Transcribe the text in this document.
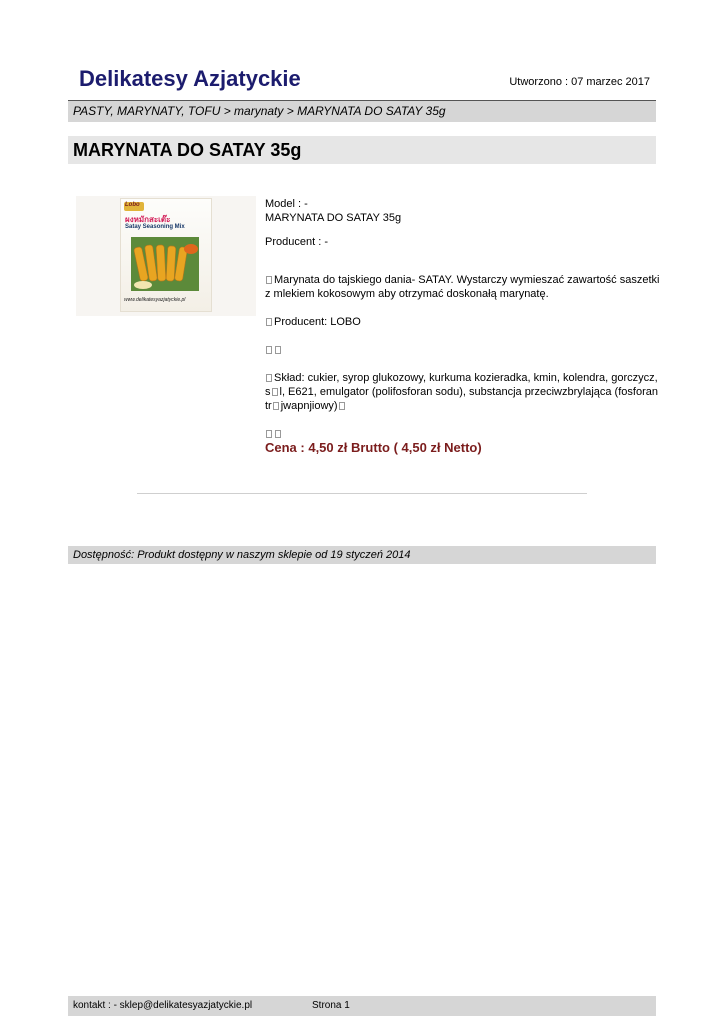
Delikatesy Azjatyckie	Utworzono : 07 marzec 2017
PASTY, MARYNATY, TOFU > marynaty > MARYNATA DO SATAY 35g
MARYNATA DO SATAY 35g
Lobo
ผงหมักสะเต๊ะ
Satay Seasoning Mix
www.delikatesyazjatyckie.pl

Model : -

MARYNATA DO SATAY 35g

Producent : -

Marynata do tajskiego dania- SATAY. Wystarczy wymieszać zawartość saszetki z mlekiem kokosowym aby otrzymać doskonałą marynatę.

Producent: LOBO

Skład: cukier, syrop glukozowy, kurkuma kozieradka, kmin, kolendra, gorczycz, s l, E621, emulgator (polifosforan sodu), substancja przeciwzbrylająca (fosforan tr jwapnjiowy)

Cena : 4,50 zł Brutto ( 4,50 zł Netto)

Dostępność: Produkt dostępny w naszym sklepie od 19 styczeń 2014
kontakt : - sklep@delikatesyazjatyckie.pl	Strona 1
